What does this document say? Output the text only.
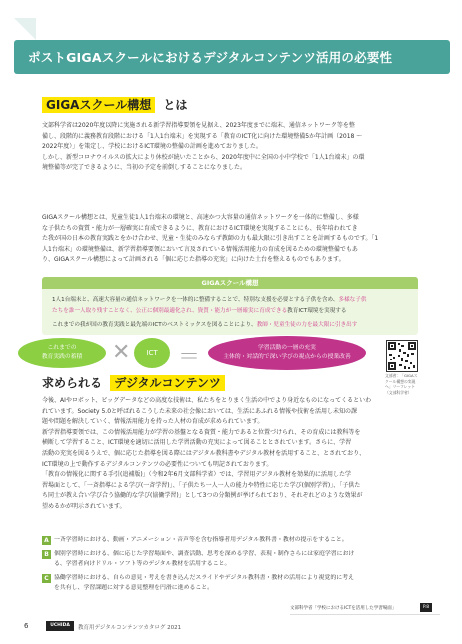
ポストGIGAスクールにおけるデジタルコンテンツ活用の必要性
GIGAスクール構想 とは
文部科学省は2020年度以降に実施される新学習指導要領を見据え、2023年度までに端末、通信ネットワーク等を整
備し、段階的に義務教育段階における「1人1台端末」を実現する「教育のICT化に向けた環境整備5か年計画（2018 〜
2022年度）」を策定し、学校におけるICT環境の整備の計画を進めておりました。
しかし、新型コロナウイルスの拡大により休校が続いたことから、2020年度中に全国の小中学校で「1人1台端末」の環
境整備等が完了できるように、当初の予定を前倒しすることになりました。
GIGAスクール構想とは、児童生徒1人1台端末の環境と、高速かつ大容量の通信ネットワークを一体的に整備し、多様
な子供たちの資質・能力が一層確実に育成できるように、教育におけるICT環境を実現することにも、長年培われてき
た我が国の日本の教育実践とをかけ合わせ、児童・生徒のみならず教師の力も最大限に引き出すことを計画するものです。「1
人1台端末」の環境整備は、新学習指導要領において言及されている情報活用能力の育成を図るための環境整備でもあ
り、GIGAスクール構想によって計画される「個に応じた指導の充実」に向けた土台を整えるものでもあります。
GIGAスクール構想
1人1台端末と、高速大容量の通信ネットワークを一体的に整備することで、特別な支援を必要とする子供を含め、多様な子供
たちを誰一人取り残すことなく、公正に個別最適化され、資質・能力が一層確実に育成できる教育ICT環境を実現する
これまでの我が国の教育実践と最先端のICTのベストミックスを図ることにより、教師・児童生徒の力を最大限に引き出す
これまでの
教育実践の蓄積 ✕ ICT ＝	学習活動の一層の充実
主体的・対話的で深い学びの視点からの授業改善
文部省：「GIGAス
クール構想の実現
へ」リーフレット
（文部科学省）
求められる デジタルコンテンツ
今後、AIやロボット、ビッグデータなどの高度な技術は、私たちをとりまく生活の中でより身近なものになってくるといわ
れています。Society 5.0と呼ばれるこうした未来の社会像においては、生活にあふれる情報や技術を活用し未知の課
題や問題を解決していく、情報活用能力を持った人材の育成が求められています。
新学習指導要領では、この情報活用能力が学習の基盤となる資質・能力であると位置づけられ、その育成には教科等を
横断して学習すること、ICT環境を適切に活用した学習活動の充実によって図ることとされています。さらに、学習
活動の充実を図るうえで、個に応じた指導を図る際にはデジタル教科書やデジタル教材を活用すること、とされており、
ICT環境の上で動作するデジタルコンテンツの必要性についても明記されております。
「教育の情報化に関する手引(追補版)」（令和2年6月文部科学省）では、学習用デジタル教材を効果的に活用した学
習場面として、「一斉指導による学び(一斉学習)」、「子供たち一人一人の能力や特性に応じた学び(個別学習)」、「子供た
ち同士が教え合い学び合う協働的な学び(協働学習)」として3つの分類例が挙げられており、それぞれどのような効果が
望めるかが明示されています。
A 一斉学習時における、動画・アニメーション・音声等を含む指導者用デジタル教科書・教材の提示をすること。
B 個別学習時における、個に応じた学習場面や、調査活動、思考を深める学習、表現・制作さらには家庭学習におけ
る、学習者向けドリル・ソフト等のデジタル教材を活用すること。
C 協働学習時における、自らの意見・考えを書き込んだスライドやデジタル教科書・教材の活用により視覚的に考え
を共有し、学習課題に対する意見整理を円滑に進めること。
文部科学省「学校におけるICTを活用した学習場面」	P.8
6	UCHIDA	教育用デジタルコンテンツカタログ 2021
